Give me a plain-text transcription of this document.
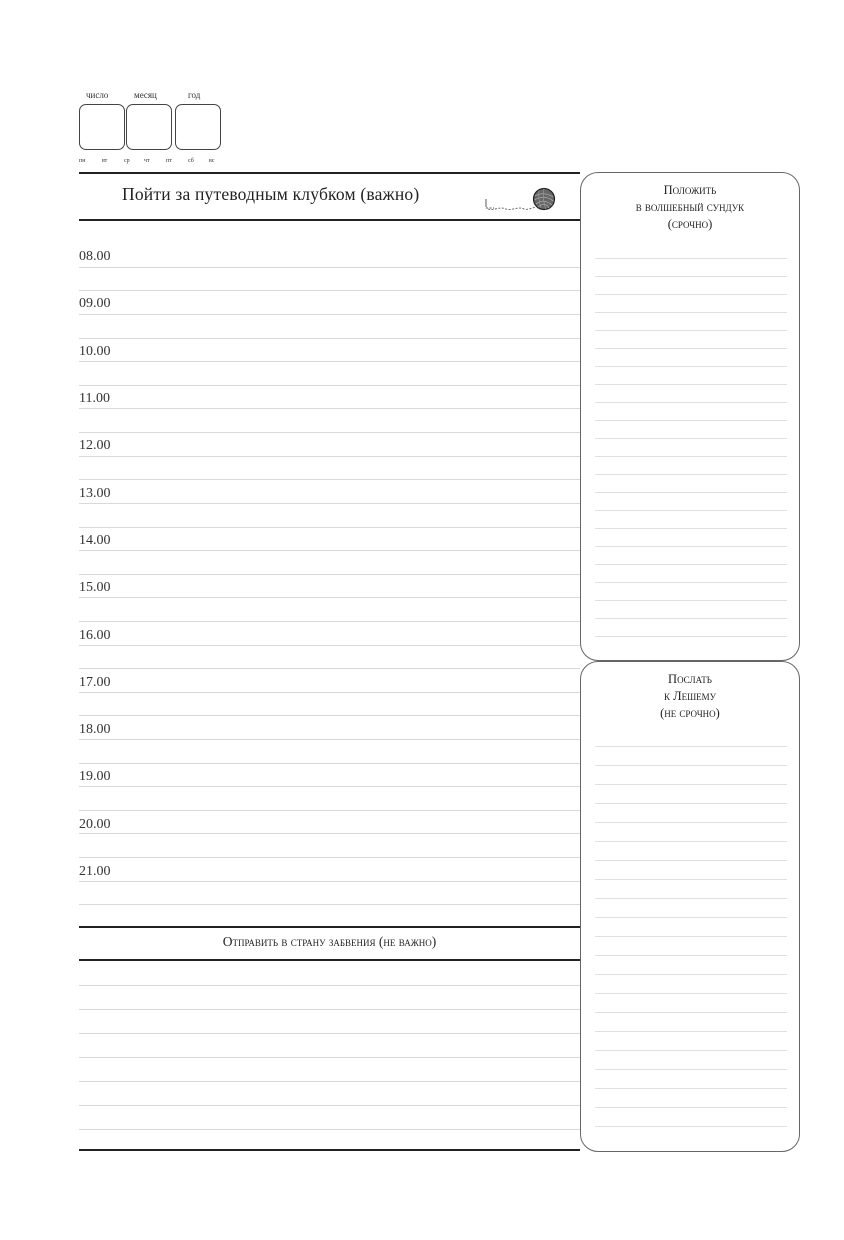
число	месяц	год
пн	вт	ср чт	пт	сб	вс
Пойти за путеводным клубком (важно)
08.00
09.00
10.00
11.00
12.00
13.00
14.00
15.00
16.00
17.00
18.00
19.00
20.00
21.00
Отправить в страну забвения (не важно)
Положить
в волшебный сундук
(срочно)
Послать
к Лешему
(не срочно)
